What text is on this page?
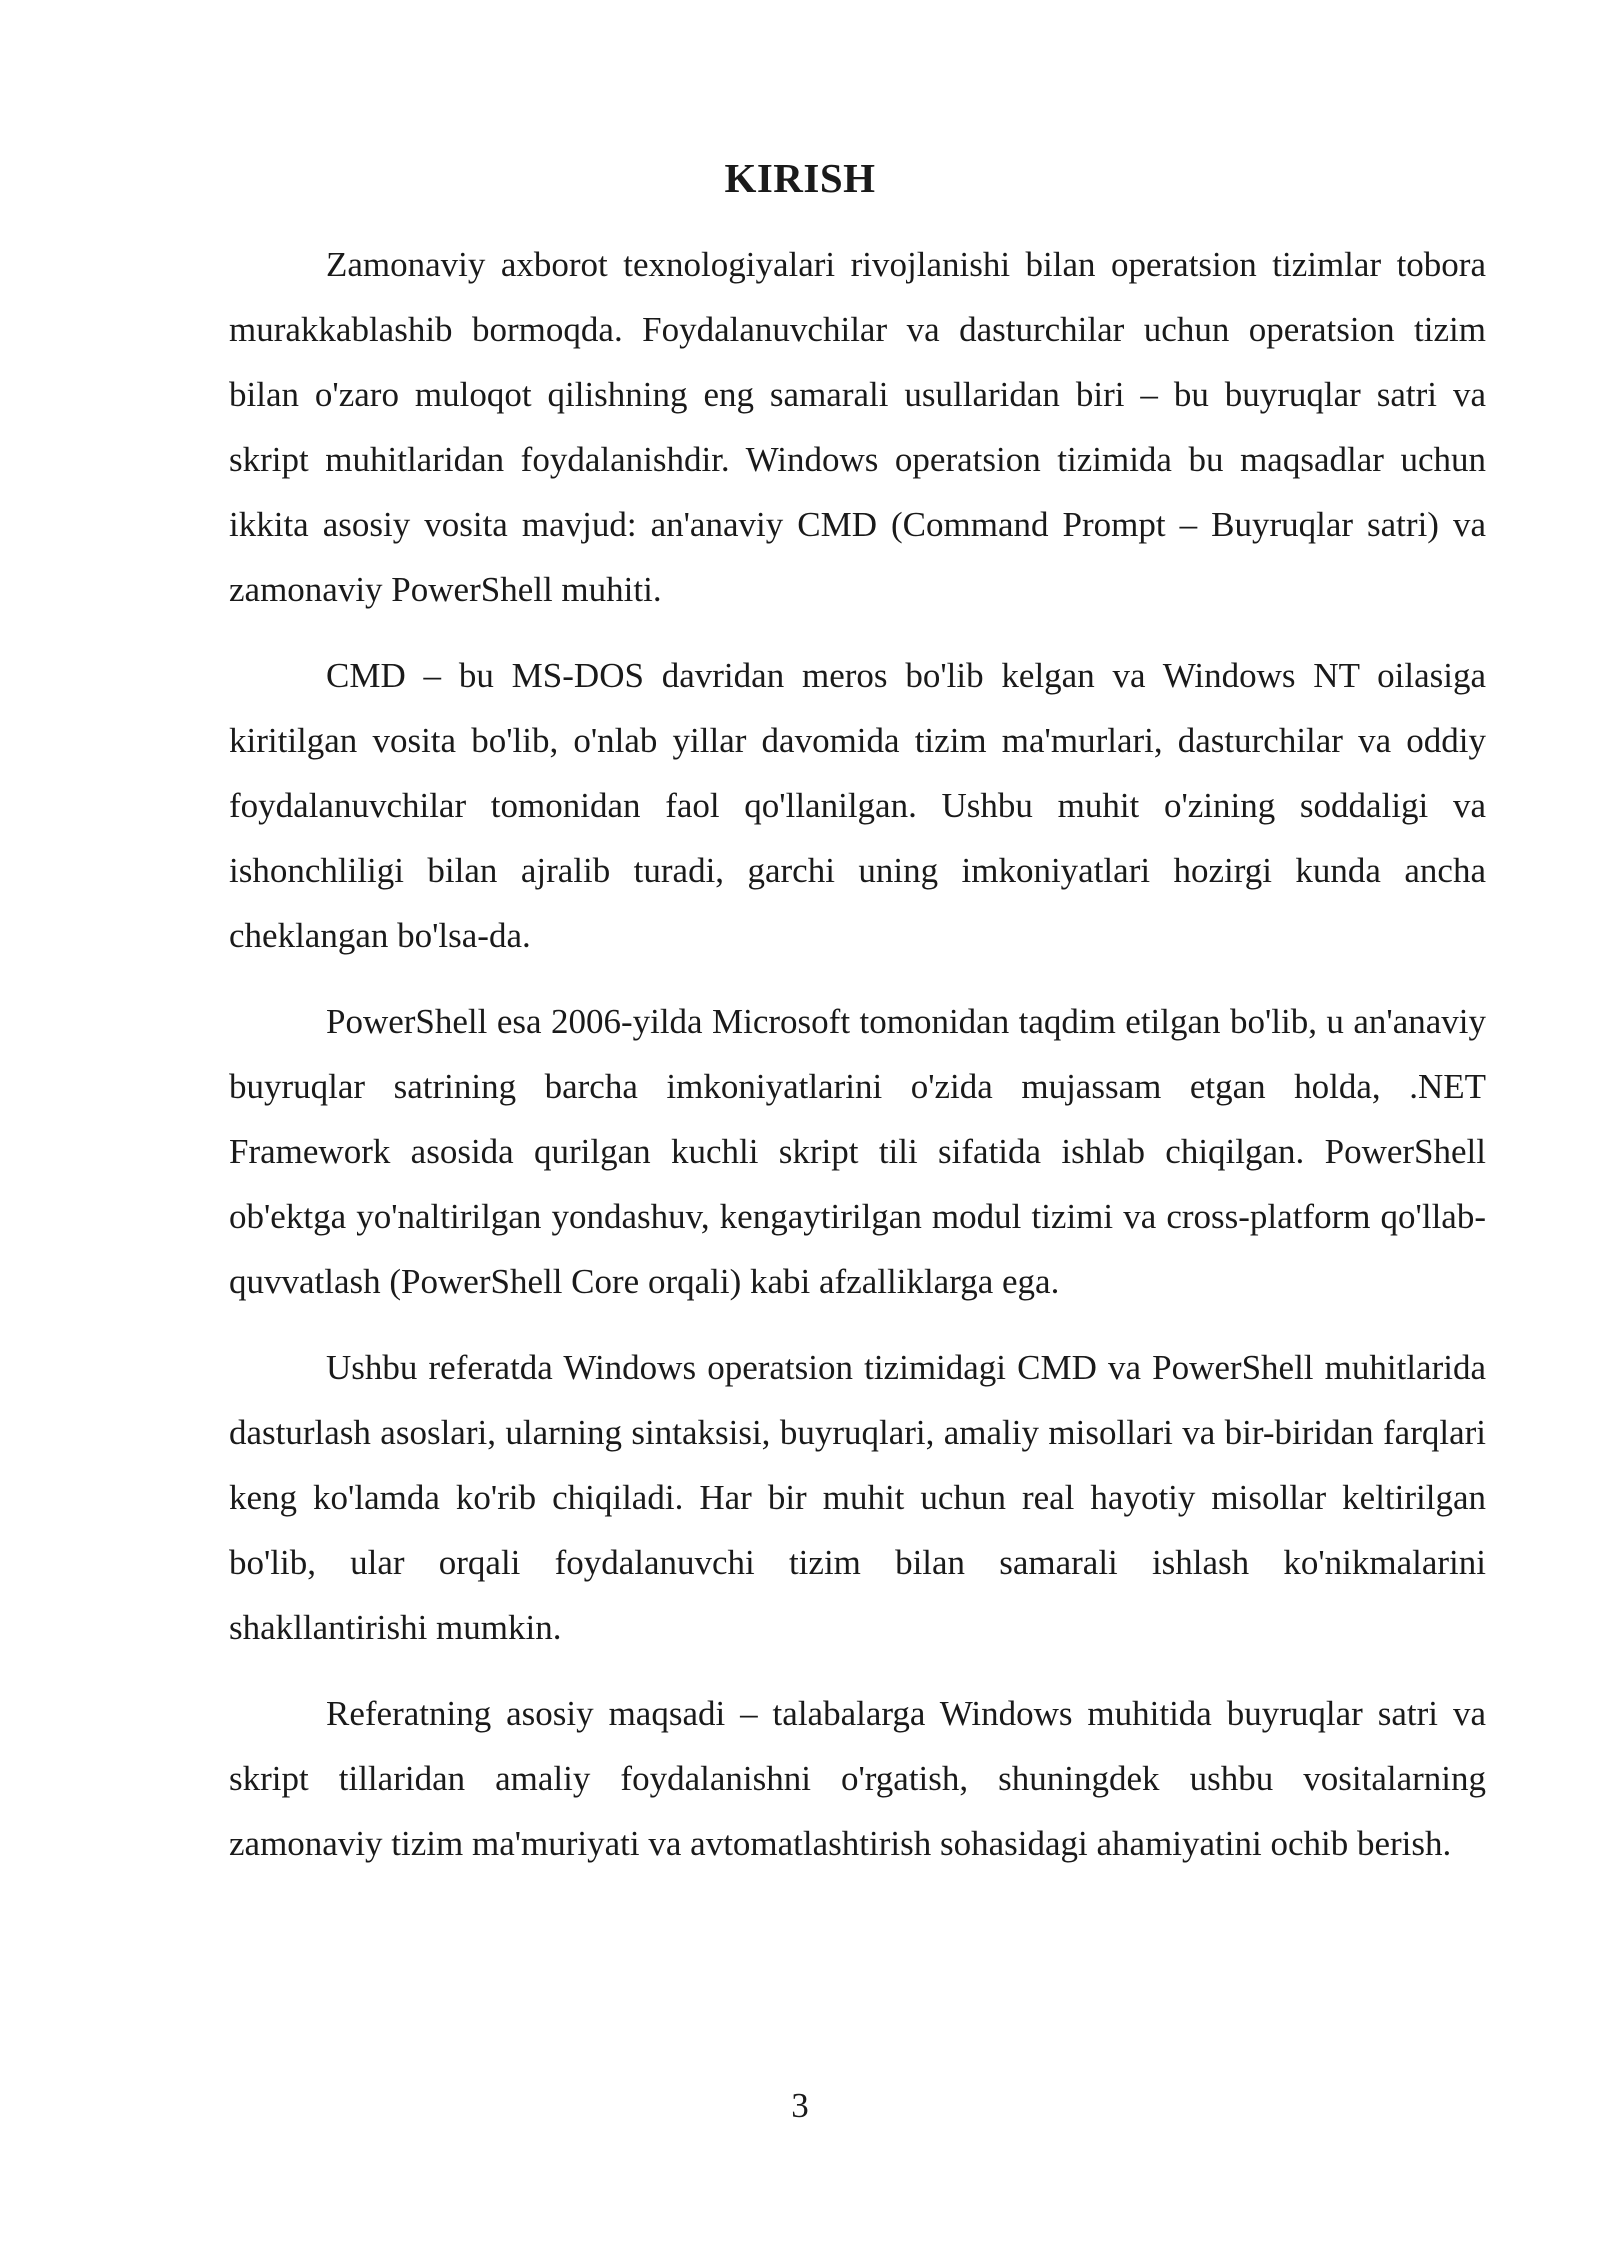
KIRISH

Zamonaviy axborot texnologiyalari rivojlanishi bilan operatsion tizimlar tobora murakkablashib bormoqda. Foydalanuvchilar va dasturchilar uchun operatsion tizim bilan o'zaro muloqot qilishning eng samarali usullaridan biri – bu buyruqlar satri va skript muhitlaridan foydalanishdir. Windows operatsion tizimida bu maqsadlar uchun ikkita asosiy vosita mavjud: an'anaviy CMD (Command Prompt – Buyruqlar satri) va zamonaviy PowerShell muhiti.

CMD – bu MS-DOS davridan meros bo'lib kelgan va Windows NT oilasiga kiritilgan vosita bo'lib, o'nlab yillar davomida tizim ma'murlari, dasturchilar va oddiy foydalanuvchilar tomonidan faol qo'llanilgan. Ushbu muhit o'zining soddaligi va ishonchliligi bilan ajralib turadi, garchi uning imkoniyatlari hozirgi kunda ancha cheklangan bo'lsa-da.

PowerShell esa 2006-yilda Microsoft tomonidan taqdim etilgan bo'lib, u an'anaviy buyruqlar satrining barcha imkoniyatlarini o'zida mujassam etgan holda, .NET Framework asosida qurilgan kuchli skript tili sifatida ishlab chiqilgan. PowerShell ob'ektga yo'naltirilgan yondashuv, kengaytirilgan modul tizimi va cross-platform qo'llab-quvvatlash (PowerShell Core orqali) kabi afzalliklarga ega.

Ushbu referatda Windows operatsion tizimidagi CMD va PowerShell muhitlarida dasturlash asoslari, ularning sintaksisi, buyruqlari, amaliy misollari va bir-biridan farqlari keng ko'lamda ko'rib chiqiladi. Har bir muhit uchun real hayotiy misollar keltirilgan bo'lib, ular orqali foydalanuvchi tizim bilan samarali ishlash ko'nikmalarini shakllantirishi mumkin.

Referatning asosiy maqsadi – talabalarga Windows muhitida buyruqlar satri va skript tillaridan amaliy foydalanishni o'rgatish, shuningdek ushbu vositalarning zamonaviy tizim ma'muriyati va avtomatlashtirish sohasidagi ahamiyatini ochib berish.

3
